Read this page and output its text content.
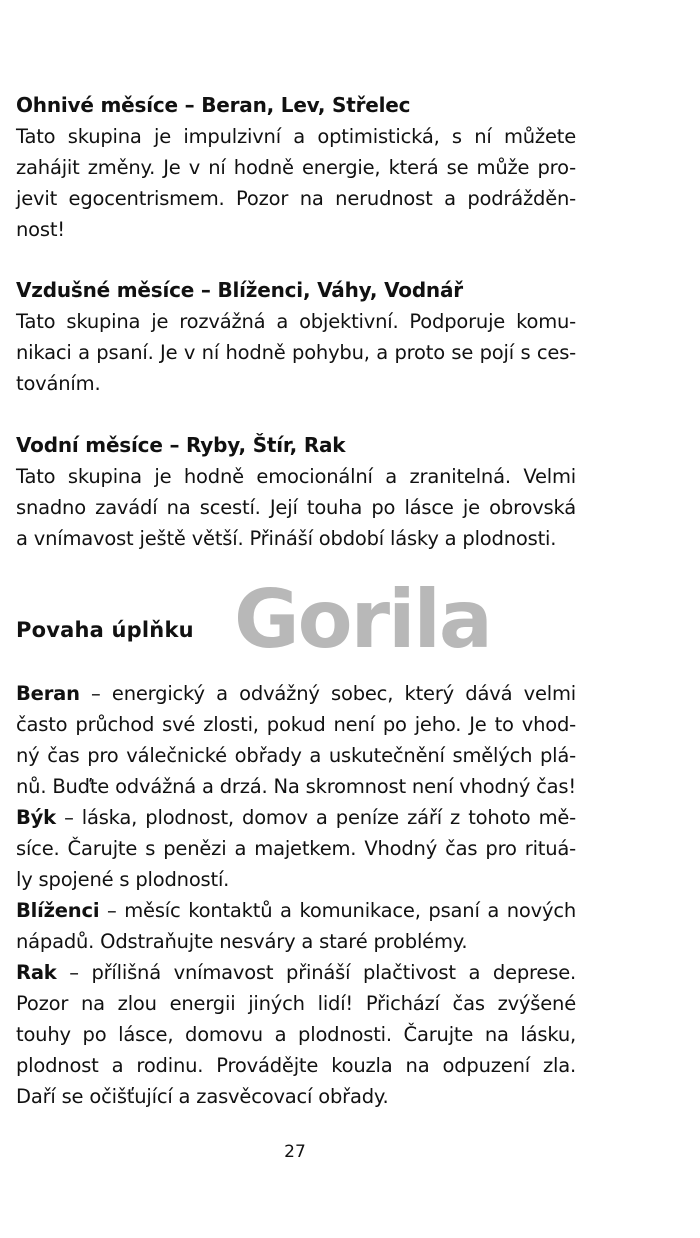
Ohnivé měsíce – Beran, Lev, Střelec
Tato skupina je impulzivní a optimistická, s ní můžete
zahájit změny. Je v ní hodně energie, která se může pro-
jevit egocentrismem. Pozor na nerudnost a podrážděn-
nost!
Vzdušné měsíce – Blíženci, Váhy, Vodnář
Tato skupina je rozvážná a objektivní. Podporuje komu-
nikaci a psaní. Je v ní hodně pohybu, a proto se pojí s ces-
továním.
Vodní měsíce – Ryby, Štír, Rak
Tato skupina je hodně emocionální a zranitelná. Velmi
snadno zavádí na scestí. Její touha po lásce je obrovská
a vnímavost ještě větší. Přináší období lásky a plodnosti.
Povaha úplňku Gorila
Beran – energický a odvážný sobec, který dává velmi
často průchod své zlosti, pokud není po jeho. Je to vhod-
ný čas pro válečnické obřady a uskutečnění smělých plá-
nů. Buďte odvážná a drzá. Na skromnost není vhodný čas!
Býk – láska, plodnost, domov a peníze září z tohoto mě-
síce. Čarujte s penězi a majetkem. Vhodný čas pro rituá-
ly spojené s plodností.
Blíženci – měsíc kontaktů a komunikace, psaní a nových
nápadů. Odstraňujte nesváry a staré problémy.
Rak – přílišná vnímavost přináší plačtivost a deprese.
Pozor na zlou energii jiných lidí! Přichází čas zvýšené
touhy po lásce, domovu a plodnosti. Čarujte na lásku,
plodnost a rodinu. Provádějte kouzla na odpuzení zla.
Daří se očišťující a zasvěcovací obřady.
27
